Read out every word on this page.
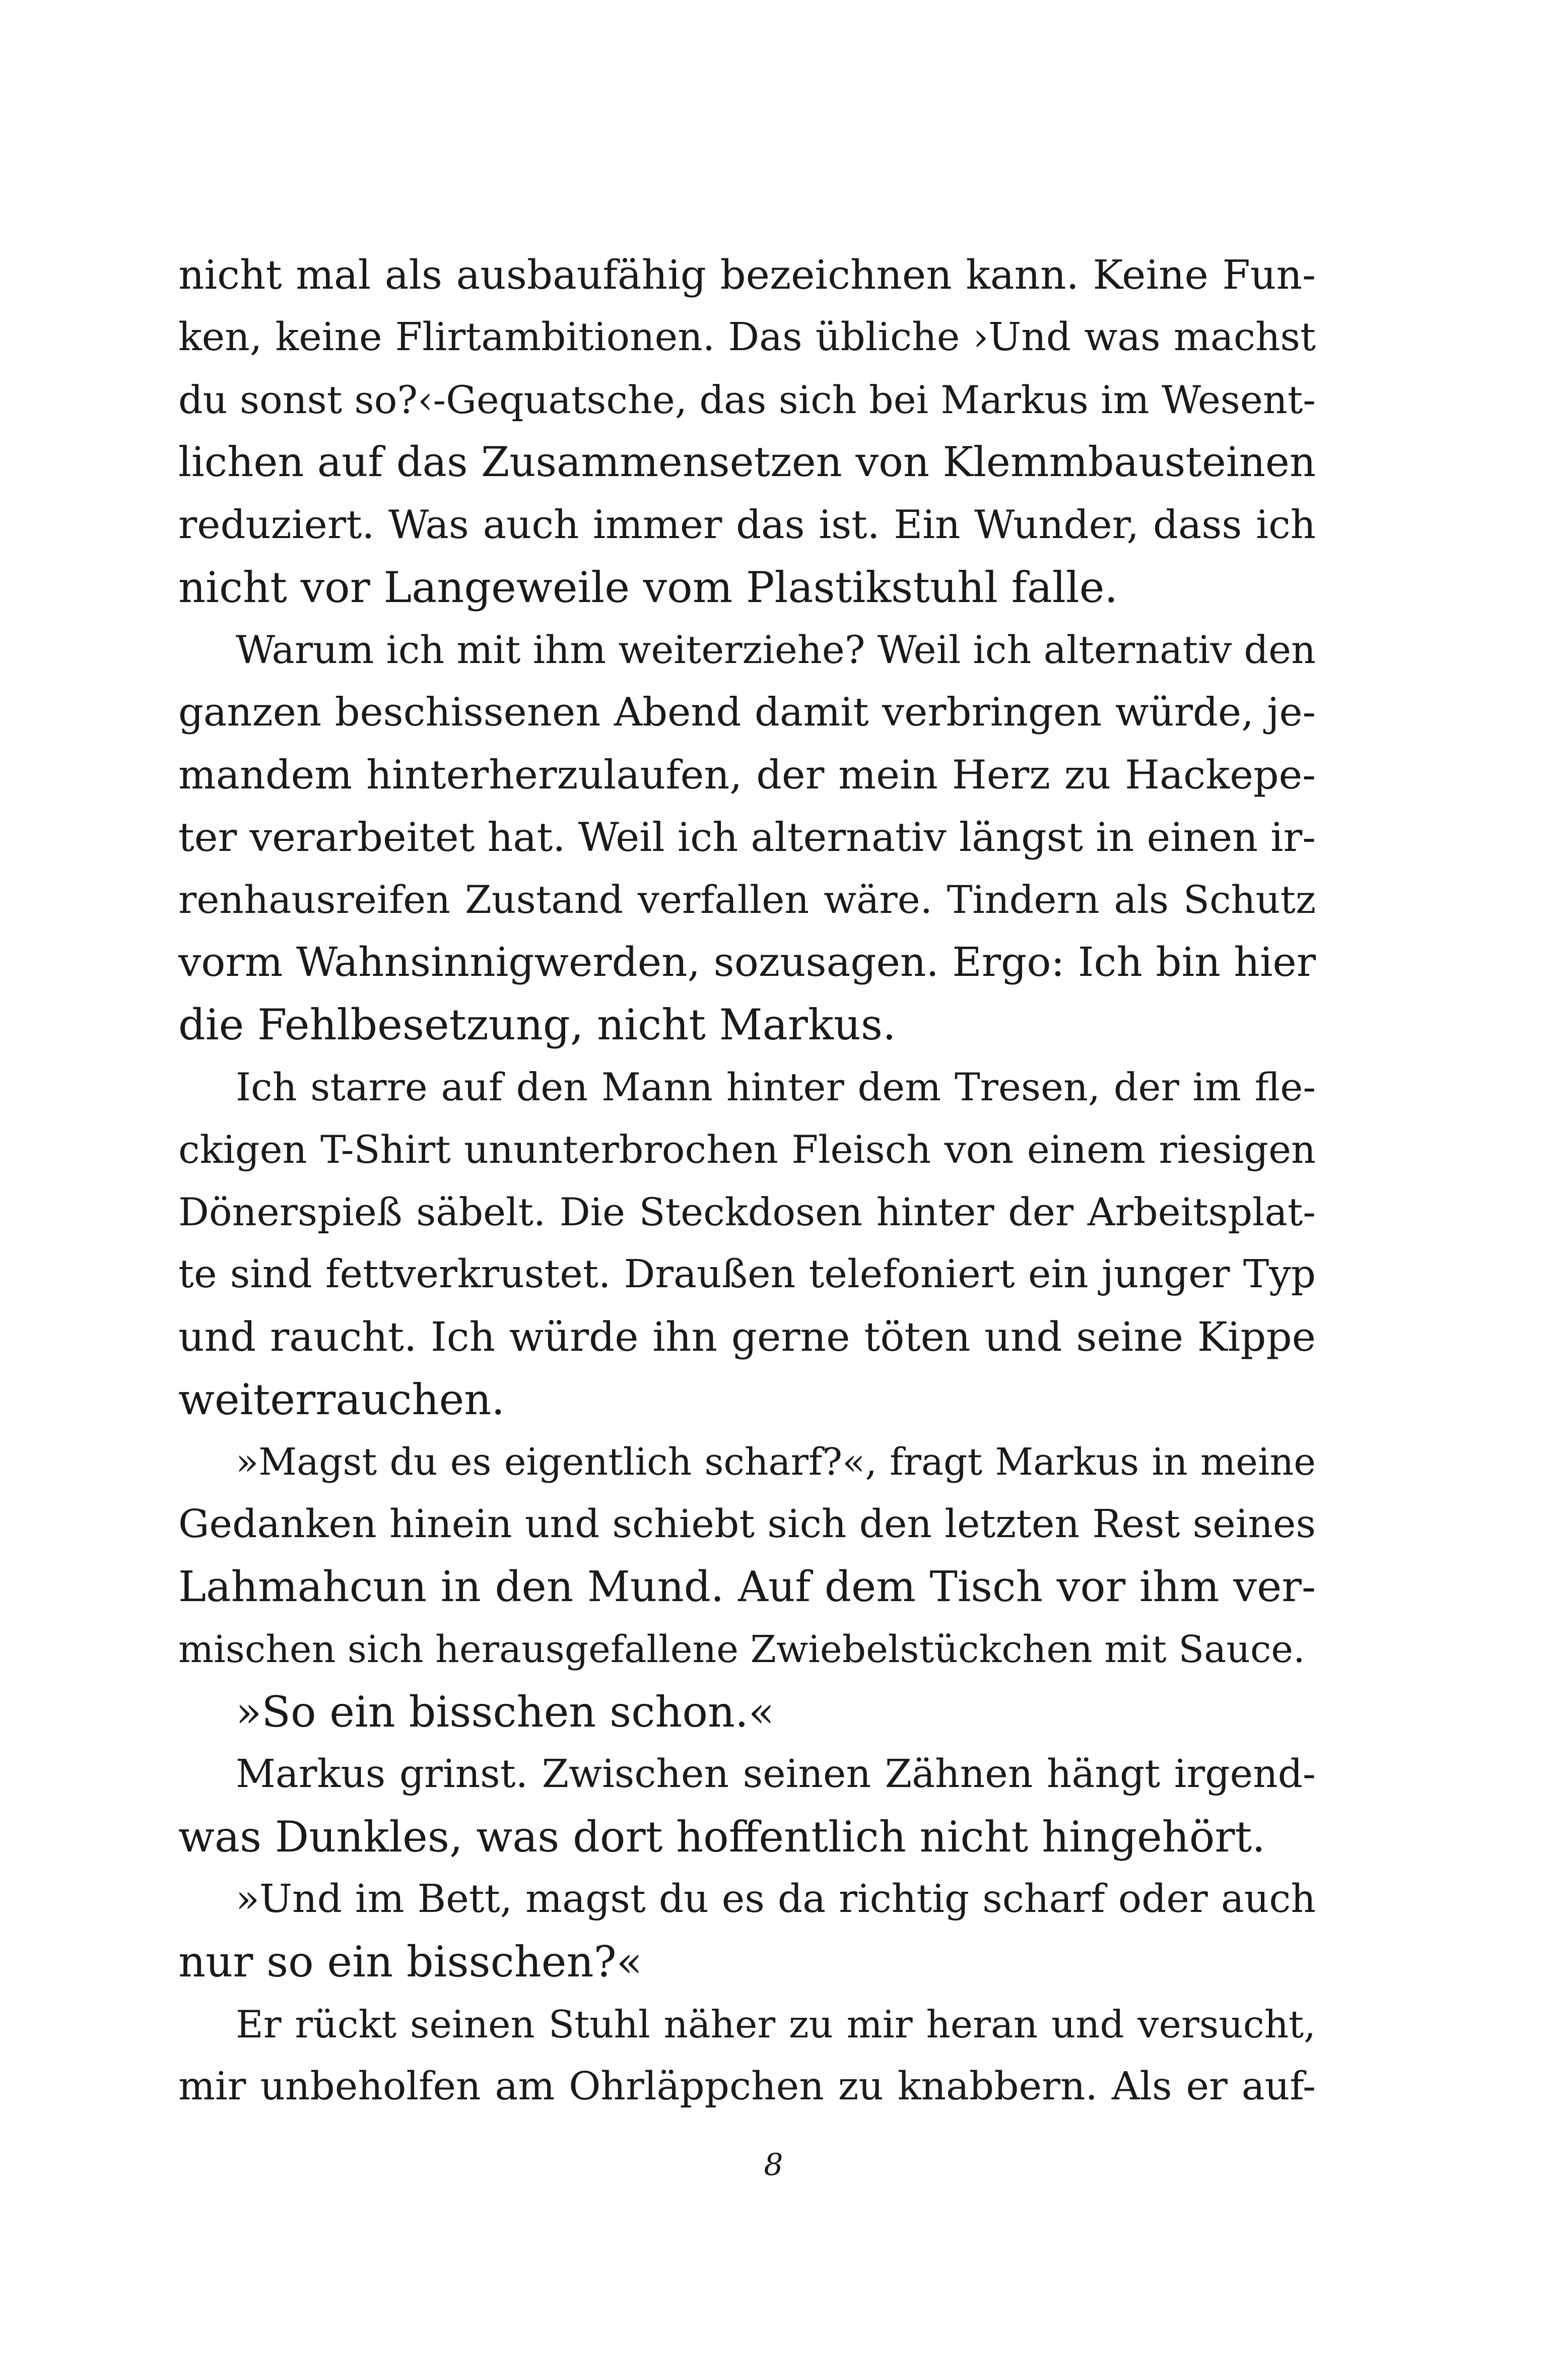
nicht mal als ausbaufähig bezeichnen kann. Keine Fun-
ken, keine Flirtambitionen. Das übliche ›Und was machst
du sonst so?‹-Gequatsche, das sich bei Markus im Wesent-
lichen auf das Zusammensetzen von Klemmbausteinen
reduziert. Was auch immer das ist. Ein Wunder, dass ich
nicht vor Langeweile vom Plastikstuhl falle.
Warum ich mit ihm weiterziehe? Weil ich alternativ den
ganzen beschissenen Abend damit verbringen würde, je-
mandem hinterherzulaufen, der mein Herz zu Hackepe-
ter verarbeitet hat. Weil ich alternativ längst in einen ir-
renhausreifen Zustand verfallen wäre. Tindern als Schutz
vorm Wahnsinnigwerden, sozusagen. Ergo: Ich bin hier
die Fehlbesetzung, nicht Markus.
Ich starre auf den Mann hinter dem Tresen, der im fle-
ckigen T-Shirt ununterbrochen Fleisch von einem riesigen
Dönerspieß säbelt. Die Steckdosen hinter der Arbeitsplat-
te sind fettverkrustet. Draußen telefoniert ein junger Typ
und raucht. Ich würde ihn gerne töten und seine Kippe
weiterrauchen.
»Magst du es eigentlich scharf?«, fragt Markus in meine
Gedanken hinein und schiebt sich den letzten Rest seines
Lahmahcun in den Mund. Auf dem Tisch vor ihm ver-
mischen sich herausgefallene Zwiebelstückchen mit Sauce.
»So ein bisschen schon.«
Markus grinst. Zwischen seinen Zähnen hängt irgend-
was Dunkles, was dort hoffentlich nicht hingehört.
»Und im Bett, magst du es da richtig scharf oder auch
nur so ein bisschen?«
Er rückt seinen Stuhl näher zu mir heran und versucht,
mir unbeholfen am Ohrläppchen zu knabbern. Als er auf-
8
